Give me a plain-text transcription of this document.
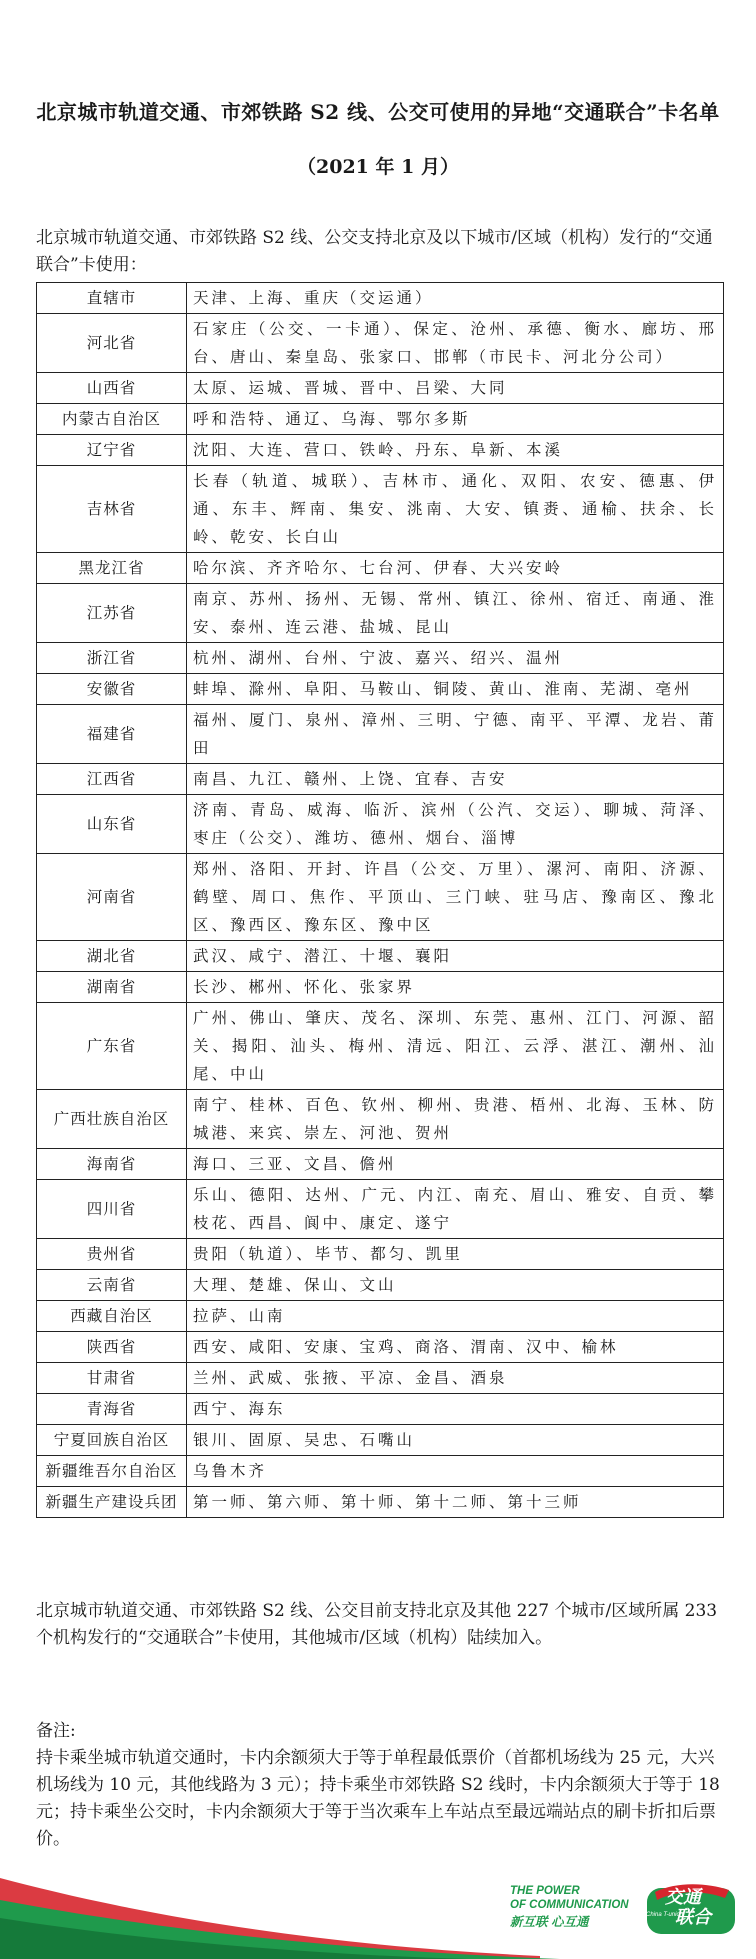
北京城市轨道交通、市郊铁路 S2 线、公交可使用的异地“交通联合”卡名单
（2021 年 1 月）
北京城市轨道交通、市郊铁路 S2 线、公交支持北京及以下城市/区域（机构）发行的“交通联合”卡使用：
直辖市	天津、上海、重庆（交运通）
河北省	石家庄（公交、一卡通）、保定、沧州、承德、衡水、廊坊、邢台、唐山、秦皇岛、张家口、邯郸（市民卡、河北分公司）
山西省	太原、运城、晋城、晋中、吕梁、大同
内蒙古自治区	呼和浩特、通辽、乌海、鄂尔多斯
辽宁省	沈阳、大连、营口、铁岭、丹东、阜新、本溪
吉林省	长春（轨道、城联）、吉林市、通化、双阳、农安、德惠、伊通、东丰、辉南、集安、洮南、大安、镇赉、通榆、扶余、长岭、乾安、长白山
黑龙江省	哈尔滨、齐齐哈尔、七台河、伊春、大兴安岭
江苏省	南京、苏州、扬州、无锡、常州、镇江、徐州、宿迁、南通、淮安、泰州、连云港、盐城、昆山
浙江省	杭州、湖州、台州、宁波、嘉兴、绍兴、温州
安徽省	蚌埠、滁州、阜阳、马鞍山、铜陵、黄山、淮南、芜湖、亳州
福建省	福州、厦门、泉州、漳州、三明、宁德、南平、平潭、龙岩、莆田
江西省	南昌、九江、赣州、上饶、宜春、吉安
山东省	济南、青岛、威海、临沂、滨州（公汽、交运）、聊城、菏泽、枣庄（公交）、潍坊、德州、烟台、淄博
河南省	郑州、洛阳、开封、许昌（公交、万里）、漯河、南阳、济源、鹤壁、周口、焦作、平顶山、三门峡、驻马店、豫南区、豫北区、豫西区、豫东区、豫中区
湖北省	武汉、咸宁、潜江、十堰、襄阳
湖南省	长沙、郴州、怀化、张家界
广东省	广州、佛山、肇庆、茂名、深圳、东莞、惠州、江门、河源、韶关、揭阳、汕头、梅州、清远、阳江、云浮、湛江、潮州、汕尾、中山
广西壮族自治区	南宁、桂林、百色、钦州、柳州、贵港、梧州、北海、玉林、防城港、来宾、崇左、河池、贺州
海南省	海口、三亚、文昌、儋州
四川省	乐山、德阳、达州、广元、内江、南充、眉山、雅安、自贡、攀枝花、西昌、阆中、康定、遂宁
贵州省	贵阳（轨道）、毕节、都匀、凯里
云南省	大理、楚雄、保山、文山
西藏自治区	拉萨、山南
陕西省	西安、咸阳、安康、宝鸡、商洛、渭南、汉中、榆林
甘肃省	兰州、武威、张掖、平凉、金昌、酒泉
青海省	西宁、海东
宁夏回族自治区	银川、固原、吴忠、石嘴山
新疆维吾尔自治区	乌鲁木齐
新疆生产建设兵团	第一师、第六师、第十师、第十二师、第十三师
北京城市轨道交通、市郊铁路 S2 线、公交目前支持北京及其他 227 个城市/区域所属 233 个机构发行的“交通联合”卡使用，其他城市/区域（机构）陆续加入。
备注:
持卡乘坐城市轨道交通时，卡内余额须大于等于单程最低票价（首都机场线为 25 元，大兴机场线为 10 元，其他线路为 3 元）；持卡乘坐市郊铁路 S2 线时，卡内余额须大于等于 18 元；持卡乘坐公交时，卡内余额须大于等于当次乘车上车站点至最远端站点的刷卡折扣后票价。
THE POWER
OF COMMUNICATION
新互联 心互通
交通
联合
China T-union
